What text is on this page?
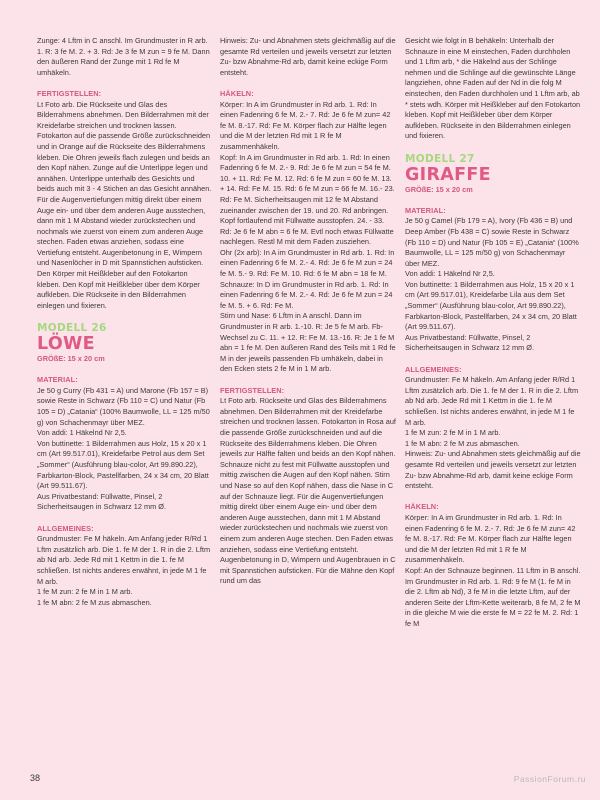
Zunge: 4 Lftm in C anschl. Im Grundmuster in R arb. 1. R: 3 fe M. 2. + 3. Rd: Je 3 fe M zun = 9 fe M. Dann den äußeren Rand der Zunge mit 1 Rd fe M umhäkeln.

FERTIGSTELLEN:

Lt Foto arb. Die Rückseite und Glas des Bilderrahmens abnehmen. Den Bilderrahmen mit der Kreidefarbe streichen und trocknen lassen. Fotokarton auf die passende Größe zurückschneiden und in Orange auf die Rückseite des Bilderrahmens kleben. Die Ohren jeweils flach zulegen und beids an den Kopf nähen. Zunge auf die Unterlippe legen und annähen. Unterlippe unterhalb des Gesichts und beids auch mit 3 - 4 Stichen an das Gesicht annähen. Für die Augenvertiefungen mittig direkt über einem Auge ein- und über dem anderen Auge ausstechen, dann mit 1 M Abstand wieder zurückstechen und nochmals wie zuerst von einem zum anderen Auge stechen. Faden etwas anziehen, sodass eine Vertiefung entsteht. Augenbetonung in E, Wimpern und Nasenlöcher in D mit Spannstichen aufsticken. Den Körper mit Heißkleber auf den Fotokarton kleben. Den Kopf mit Heißkleber über dem Körper aufkleben. Die Rückseite in den Bilderrahmen einlegen und fixieren.

MODELL 26

LÖWE

GRÖßE: 15 x 20 cm

MATERIAL:

Je 50 g Curry (Fb 431 = A) und Marone (Fb 157 = B) sowie Reste in Schwarz (Fb 110 = C) und Natur (Fb 105 = D) „Catania“ (100% Baumwolle, LL = 125 m/50 g) von Schachenmayr über MEZ.

Von addi: 1 Häkelnd Nr 2,5.

Von buttinette: 1 Bilderrahmen aus Holz, 15 x 20 x 1 cm (Art 99.517.01), Kreidefarbe Petrol aus dem Set „Sommer“ (Ausführung blau-color, Art 99.890.22), Farbkarton-Block, Pastellfarben, 24 x 34 cm, 20 Blatt (Art 99.511.67).

Aus Privatbestand: Füllwatte, Pinsel, 2 Sicherheitsaugen in Schwarz 12 mm Ø.

ALLGEMEINES:

Grundmuster: Fe M häkeln. Am Anfang jeder R/Rd 1 Lftm zusätzlich arb. Die 1. fe M der 1. R in die 2. Lftm ab Nd arb. Jede Rd mit 1 Kettm in die 1. fe M schließen. Ist nichts anderes erwähnt, in jede M 1 fe M arb.

1 fe M zun: 2 fe M in 1 M arb.

1 fe M abn: 2 fe M zus abmaschen.

Hinweis: Zu- und Abnahmen stets gleichmäßig auf die gesamte Rd verteilen und jeweils versetzt zur letzten Zu- bzw Abnahme-Rd arb, damit keine eckige Form entsteht.

HÄKELN:

Körper: In A im Grundmuster in Rd arb. 1. Rd: In einen Fadenring 6 fe M. 2.- 7. Rd: Je 6 fe M zun= 42 fe M. 8.-17. Rd: Fe M. Körper flach zur Hälfte legen und die M der letzten Rd mit 1 R fe M zusammenhäkeln.

Kopf: In A im Grundmuster in Rd arb. 1. Rd: In einen Fadenring 6 fe M. 2.- 9. Rd: Je 6 fe M zun = 54 fe M. 10. + 11. Rd: Fe M. 12. Rd: 6 fe M zun = 60 fe M. 13. + 14. Rd: Fe M. 15. Rd: 6 fe M zun = 66 fe M. 16.- 23. Rd: Fe M. Sicherheitsaugen mit 12 fe M Abstand zueinander zwischen der 19. und 20. Rd anbringen. Kopf fortlaufend mit Füllwatte ausstopfen. 24. - 33. Rd: Je 6 fe M abn = 6 fe M. Evtl noch etwas Füllwatte nachlegen. Restl M mit dem Faden zusziehen.

Ohr (2x arb): In A im Grundmuster in Rd arb. 1. Rd: In einen Fadenring 6 fe M. 2.- 4. Rd: Je 6 fe M zun = 24 fe M. 5.- 9. Rd: Fe M. 10. Rd: 6 fe M abn = 18 fe M.

Schnauze: In D im Grundmuster in Rd arb. 1. Rd: In einen Fadenring 6 fe M. 2.- 4. Rd: Je 6 fe M zun = 24 fe M. 5. + 6. Rd: Fe M.

Stirn und Nase: 6 Lftm in A anschl. Dann im Grundmuster in R arb. 1.-10. R: Je 5 fe M arb. Fb-Wechsel zu C. 11. + 12. R: Fe M. 13.-16. R: Je 1 fe M abn = 1 fe M. Den äußeren Rand des Teils mit 1 Rd fe M in der jeweils passenden Fb umhäkeln, dabei in den Ecken stets 2 fe M in 1 M arb.

FERTIGSTELLEN:

Lt Foto arb. Rückseite und Glas des Bilderrahmens abnehmen. Den Bilderrahmen mit der Kreidefarbe streichen und trocknen lassen. Fotokarton in Rosa auf die passende Größe zurückschneiden und auf die Rückseite des Bilderrahmens kleben. Die Ohren jeweils zur Hälfte falten und beids an den Kopf nähen. Schnauze nicht zu fest mit Füllwatte ausstopfen und mittig zwischen die Augen auf den Kopf nähen. Stirn und Nase so auf den Kopf nähen, dass die Nase in C auf der Schnauze liegt. Für die Augenvertiefungen mittig direkt über einem Auge ein- und über dem anderen Auge ausstechen, dann mit 1 M Abstand wieder zurückstechen und nochmals wie zuerst von einem zum anderen Auge stechen. Den Faden etwas anziehen, sodass eine Vertiefung entsteht. Augenbetonung in D, Wimpern und Augenbrauen in C mit Spannstichen aufsticken. Für die Mähne den Kopf rund um das

Gesicht wie folgt in B behäkeln: Unterhalb der Schnauze in eine M einstechen, Faden durchholen und 1 Lftm arb, * die Häkelnd aus der Schlinge nehmen und die Schlinge auf die gewünschte Länge langziehen, ohne Faden auf der Nd in die folg M einstechen, den Faden durchholen und 1 Lftm arb, ab * stets wdh. Körper mit Heißkleber auf den Fotokarton kleben. Kopf mit Heißkleber über dem Körper aufkleben. Rückseite in den Bilderrahmen einlegen und fixieren.

MODELL 27

GIRAFFE

GRÖßE: 15 x 20 cm

MATERIAL:

Je 50 g Camel (Fb 179 = A), Ivory (Fb 436 = B) und Deep Amber (Fb 438 = C) sowie Reste in Schwarz (Fb 110 = D) und Natur (Fb 105 = E) „Catania“ (100% Baumwolle, LL = 125 m/50 g) von Schachenmayr über MEZ.

Von addi: 1 Häkelnd Nr 2,5.

Von buttinette: 1 Bilderrahmen aus Holz, 15 x 20 x 1 cm (Art 99.517.01), Kreidefarbe Lila aus dem Set „Sommer“ (Ausführung blau-color, Art 99.890.22), Farbkarton-Block, Pastellfarben, 24 x 34 cm, 20 Blatt (Art 99.511.67).

Aus Privatbestand: Füllwatte, Pinsel, 2 Sicherheitsaugen in Schwarz 12 mm Ø.

ALLGEMEINES:

Grundmuster: Fe M häkeln. Am Anfang jeder R/Rd 1 Lftm zusätzlich arb. Die 1. fe M der 1. R in die 2. Lftm ab Nd arb. Jede Rd mit 1 Kettm in die 1. fe M schließen. Ist nichts anderes erwähnt, in jede M 1 fe M arb.

1 fe M zun: 2 fe M in 1 M arb.

1 fe M abn: 2 fe M zus abmaschen.

Hinweis: Zu- und Abnahmen stets gleichmäßig auf die gesamte Rd verteilen und jeweils versetzt zur letzten Zu- bzw Abnahme-Rd arb, damit keine eckige Form entsteht.

HÄKELN:

Körper: In A im Grundmuster in Rd arb. 1. Rd: In einen Fadenring 6 fe M. 2.- 7. Rd: Je 6 fe M zun= 42 fe M. 8.-17. Rd: Fe M. Körper flach zur Hälfte legen und die M der letzten Rd mit 1 R fe M zusammenhäkeln.

Kopf: An der Schnauze beginnen. 11 Lftm in B anschl. Im Grundmuster in Rd arb. 1. Rd: 9 fe M (1. fe M in die 2. Lftm ab Nd), 3 fe M in die letzte Lftm, auf der anderen Seite der Lftm-Kette weiterarb, 8 fe M, 2 fe M in die gleiche M wie die erste fe M = 22 fe M. 2. Rd: 1 fe M

38	PassionForum.ru
